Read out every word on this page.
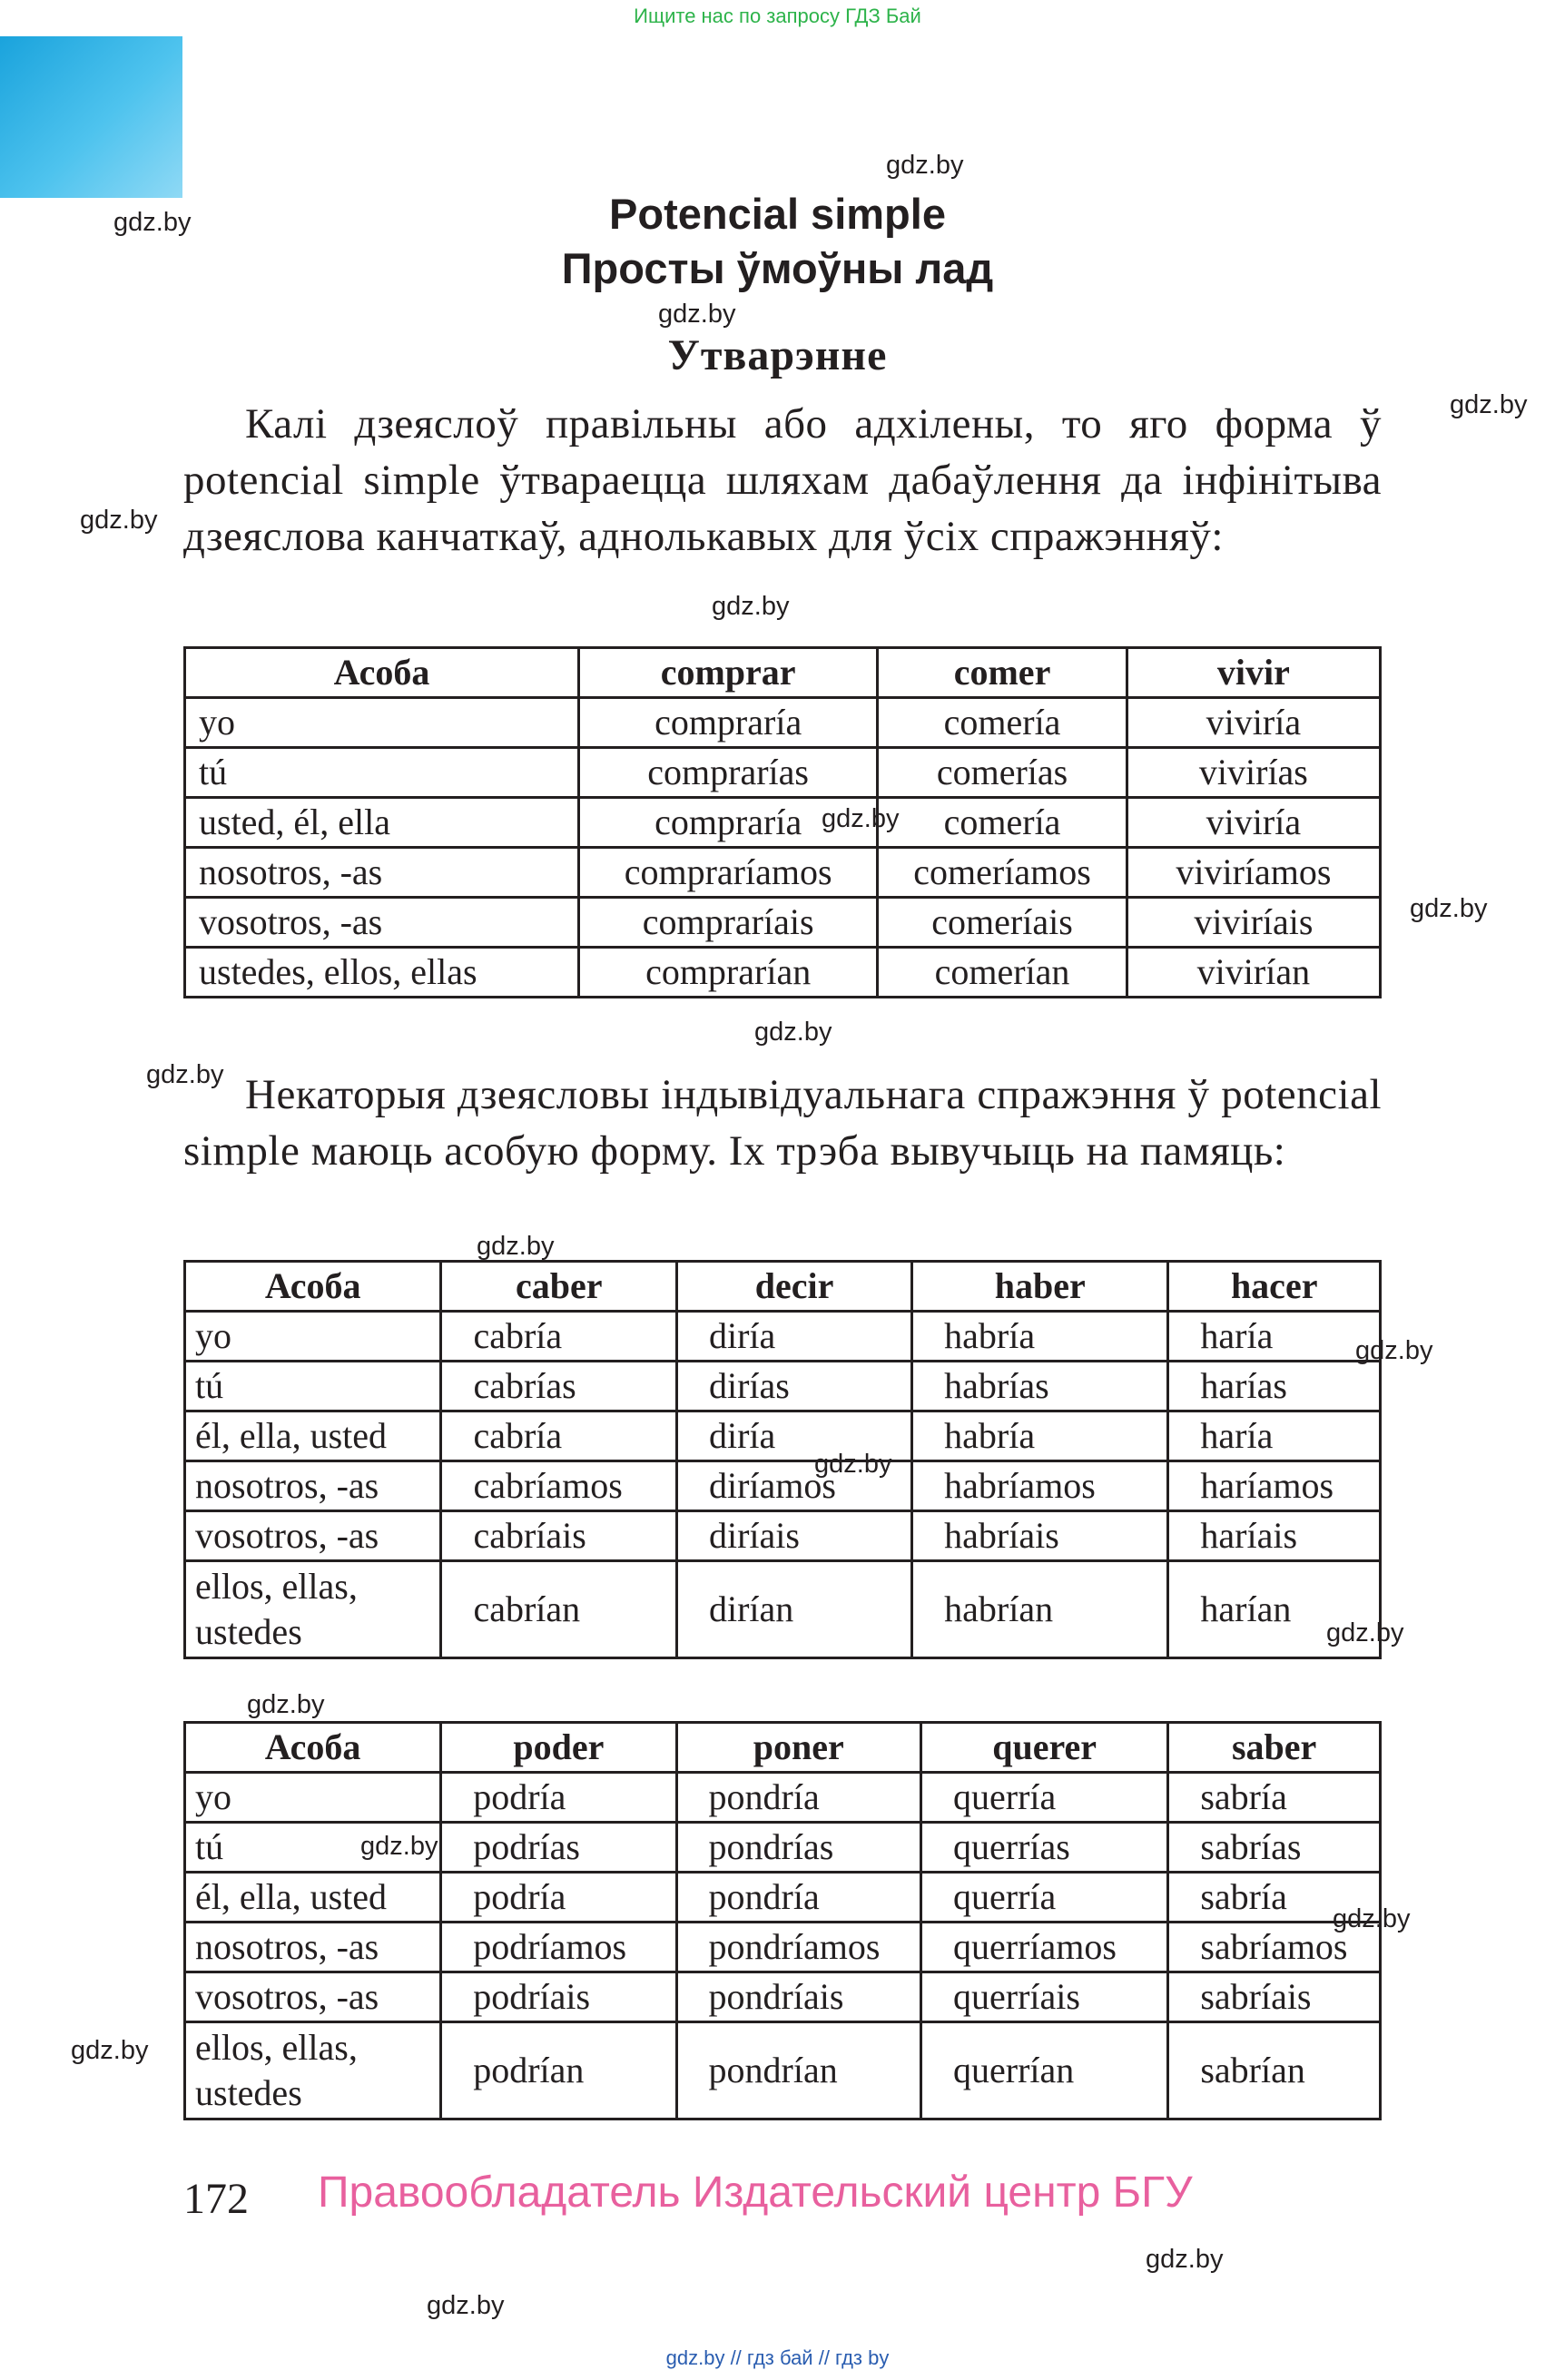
Ищите нас по запросу ГДЗ Бай
Potencial simple
Просты ўмоўны лад
Утварэнне
Калі дзеяслоў правільны або адхілены, то яго форма ў potencial simple ўтвараецца шляхам дабаўлення да інфінітыва дзеяслова канчаткаў, аднолькавых для ўсіх спражэнняў:
Асоба	comprar	comer	vivir
yo	compraría	comería	viviría
tú	comprarías	comerías	vivirías
usted, él, ella	compraría	comería	viviría
nosotros, -as	compraríamos	comeríamos	viviríamos
vosotros, -as	compraríais	comeríais	viviríais
ustedes, ellos, ellas	comprarían	comerían	vivirían
Некаторыя дзеясловы індывідуальнага спражэння ў potencial simple маюць асобую форму. Іх трэба вывучыць на памяць:
Асоба	caber	decir	haber	hacer
yo	cabría	diría	habría	haría
tú	cabrías	dirías	habrías	harías
él, ella, usted	cabría	diría	habría	haría
nosotros, -as	cabríamos	diríamos	habríamos	haríamos
vosotros, -as	cabríais	diríais	habríais	haríais
ellos, ellas, ustedes	cabrían	dirían	habrían	harían
Асоба	poder	poner	querer	saber
yo	podría	pondría	querría	sabría
tú	podrías	pondrías	querrías	sabrías
él, ella, usted	podría	pondría	querría	sabría
nosotros, -as	podríamos	pondríamos	querríamos	sabríamos
vosotros, -as	podríais	pondríais	querríais	sabríais
ellos, ellas, ustedes	podrían	pondrían	querrían	sabrían
172 Правообладатель Издательский центр БГУ
gdz.by // гдз бай // гдз by
gdz.by
gdz.by
gdz.by
gdz.by
gdz.by
gdz.by
gdz.by
gdz.by
gdz.by
gdz.by
gdz.by
gdz.by
gdz.by
gdz.by
gdz.by
gdz.by
gdz.by
gdz.by
gdz.by
gdz.by
